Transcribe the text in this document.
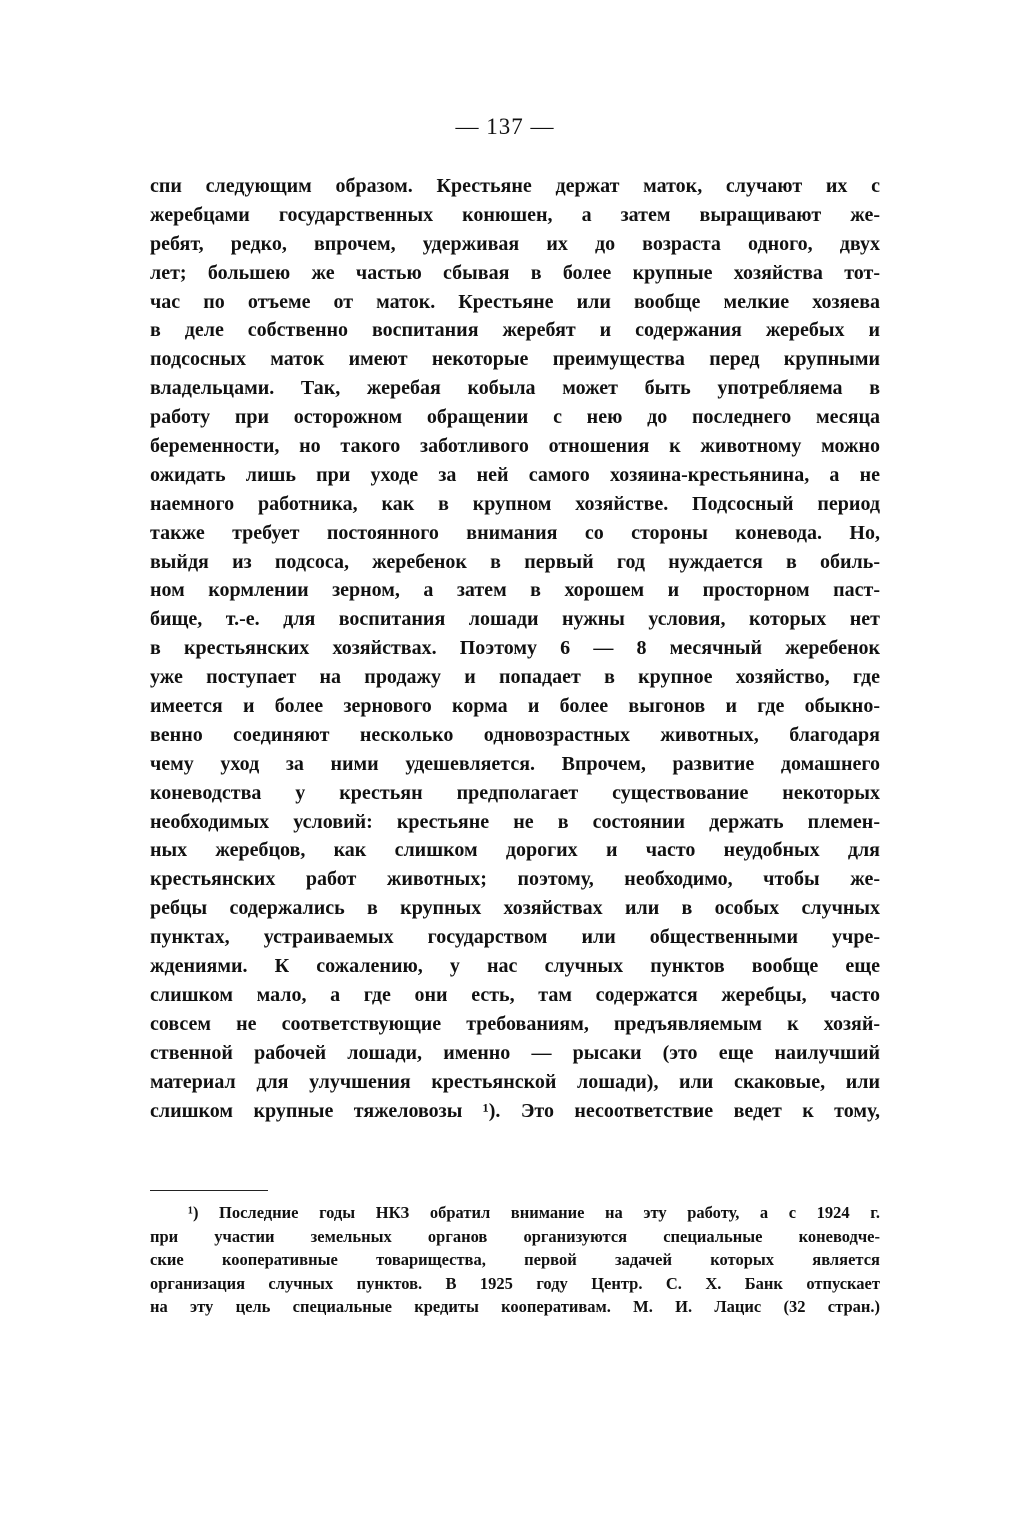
— 137 —
спи следующим образом. Крестьяне держат маток, случают их с
жеребцами государственных конюшен, а затем выращивают же-
ребят, редко, впрочем, удерживая их до возраста одного, двух
лет; большею же частью сбывая в более крупные хозяйства тот-
час по отъеме от маток. Крестьяне или вообще мелкие хозяева
в деле собственно воспитания жеребят и содержания жеребых и
подсосных маток имеют некоторые преимущества перед крупными
владельцами. Так, жеребая кобыла может быть употребляема в
работу при осторожном обращении с нею до последнего месяца
беременности, но такого заботливого отношения к животному можно
ожидать лишь при уходе за ней самого хозяина-крестьянина, а не
наемного работника, как в крупном хозяйстве. Подсосный период
также требует постоянного внимания со стороны коневода. Но,
выйдя из подсоса, жеребенок в первый год нуждается в обиль-
ном кормлении зерном, а затем в хорошем и просторном паст-
бище, т.-е. для воспитания лошади нужны условия, которых нет
в крестьянских хозяйствах. Поэтому 6 — 8 месячный жеребенок
уже поступает на продажу и попадает в крупное хозяйство, где
имеется и более зернового корма и более выгонов и где обыкно-
венно соединяют несколько одновозрастных животных, благодаря
чему уход за ними удешевляется. Впрочем, развитие домашнего
коневодства у крестьян предполагает существование некоторых
необходимых условий: крестьяне не в состоянии держать племен-
ных жеребцов, как слишком дорогих и часто неудобных для
крестьянских работ животных; поэтому, необходимо, чтобы же-
ребцы содержались в крупных хозяйствах или в особых случных
пунктах, устраиваемых государством или общественными учре-
ждениями. К сожалению, у нас случных пунктов вообще еще
слишком мало, а где они есть, там содержатся жеребцы, часто
совсем не соответствующие требованиям, предъявляемым к хозяй-
ственной рабочей лошади, именно — рысаки (это еще наилучший
материал для улучшения крестьянской лошади), или скаковые, или
слишком крупные тяжеловозы ¹). Это несоответствие ведет к тому,
¹) Последние годы НКЗ обратил внимание на эту работу, а с 1924 г.
при участии земельных органов организуются специальные коневодче-
ские кооперативные товарищества, первой задачей которых является
организация случных пунктов. В 1925 году Центр. С. Х. Банк отпускает
на эту цель специальные кредиты кооперативам. М. И. Лацис (32 стран.)
